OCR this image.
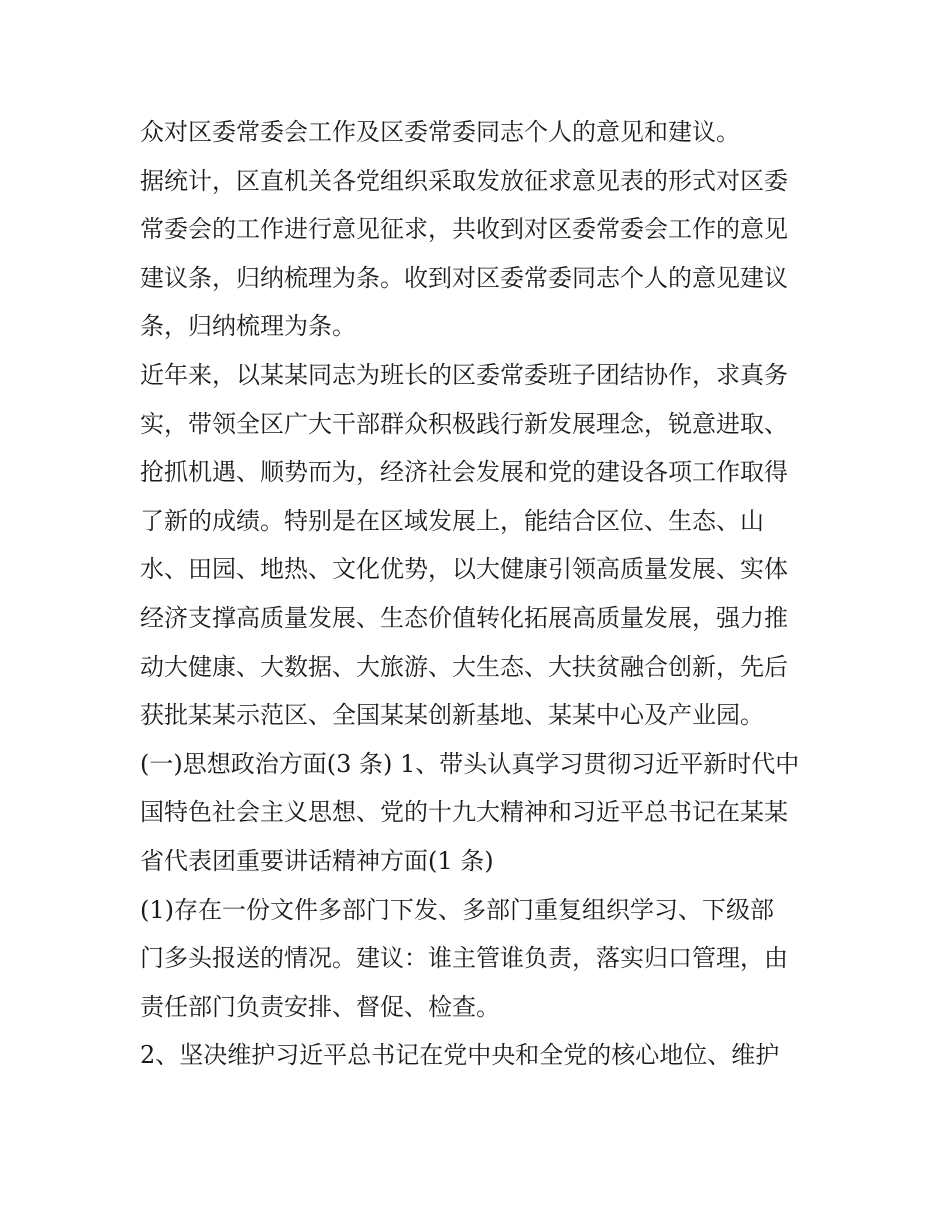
众对区委常委会工作及区委常委同志个人的意见和建议。
据统计，区直机关各党组织采取发放征求意见表的形式对区委
常委会的工作进行意见征求，共收到对区委常委会工作的意见
建议条，归纳梳理为条。收到对区委常委同志个人的意见建议
条，归纳梳理为条。
近年来，以某某同志为班长的区委常委班子团结协作，求真务
实，带领全区广大干部群众积极践行新发展理念，锐意进取、
抢抓机遇、顺势而为，经济社会发展和党的建设各项工作取得
了新的成绩。特别是在区域发展上，能结合区位、生态、山
水、田园、地热、文化优势，以大健康引领高质量发展、实体
经济支撑高质量发展、生态价值转化拓展高质量发展，强力推
动大健康、大数据、大旅游、大生态、大扶贫融合创新，先后
获批某某示范区、全国某某创新基地、某某中心及产业园。
(一)思想政治方面(3 条) 1、带头认真学习贯彻习近平新时代中
国特色社会主义思想、党的十九大精神和习近平总书记在某某
省代表团重要讲话精神方面(1 条)
(1)存在一份文件多部门下发、多部门重复组织学习、下级部
门多头报送的情况。建议：谁主管谁负责，落实归口管理，由
责任部门负责安排、督促、检查。
2、坚决维护习近平总书记在党中央和全党的核心地位、维护
